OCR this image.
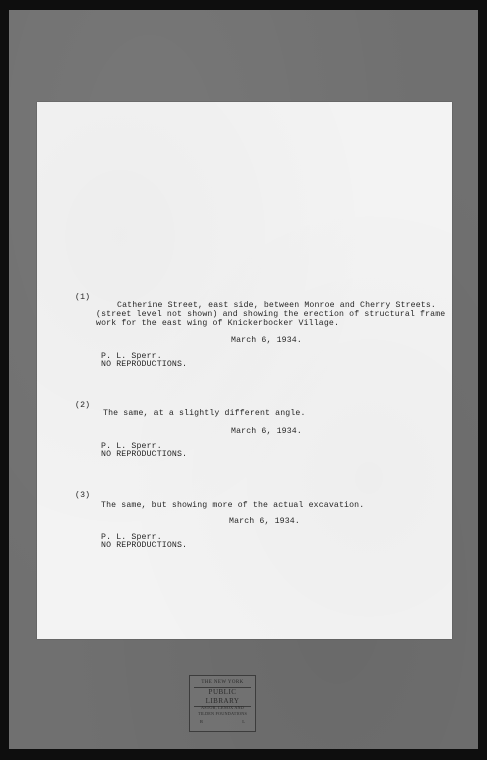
(1)
Catherine Street, east side, between Monroe and Cherry Streets.
(street level not shown) and showing the erection of structural frame
work for the east wing of Knickerbocker Village.
March 6, 1934.
P. L. Sperr.
NO REPRODUCTIONS.
(2)
The same, at a slightly different angle.
March 6, 1934.
P. L. Sperr.
NO REPRODUCTIONS.
(3)
The same, but showing more of the actual excavation.
March 6, 1934.
P. L. Sperr.
NO REPRODUCTIONS.
THE NEW YORK
PUBLIC LIBRARY
ASTOR, LENOX AND
TILDEN FOUNDATIONS
R	L
